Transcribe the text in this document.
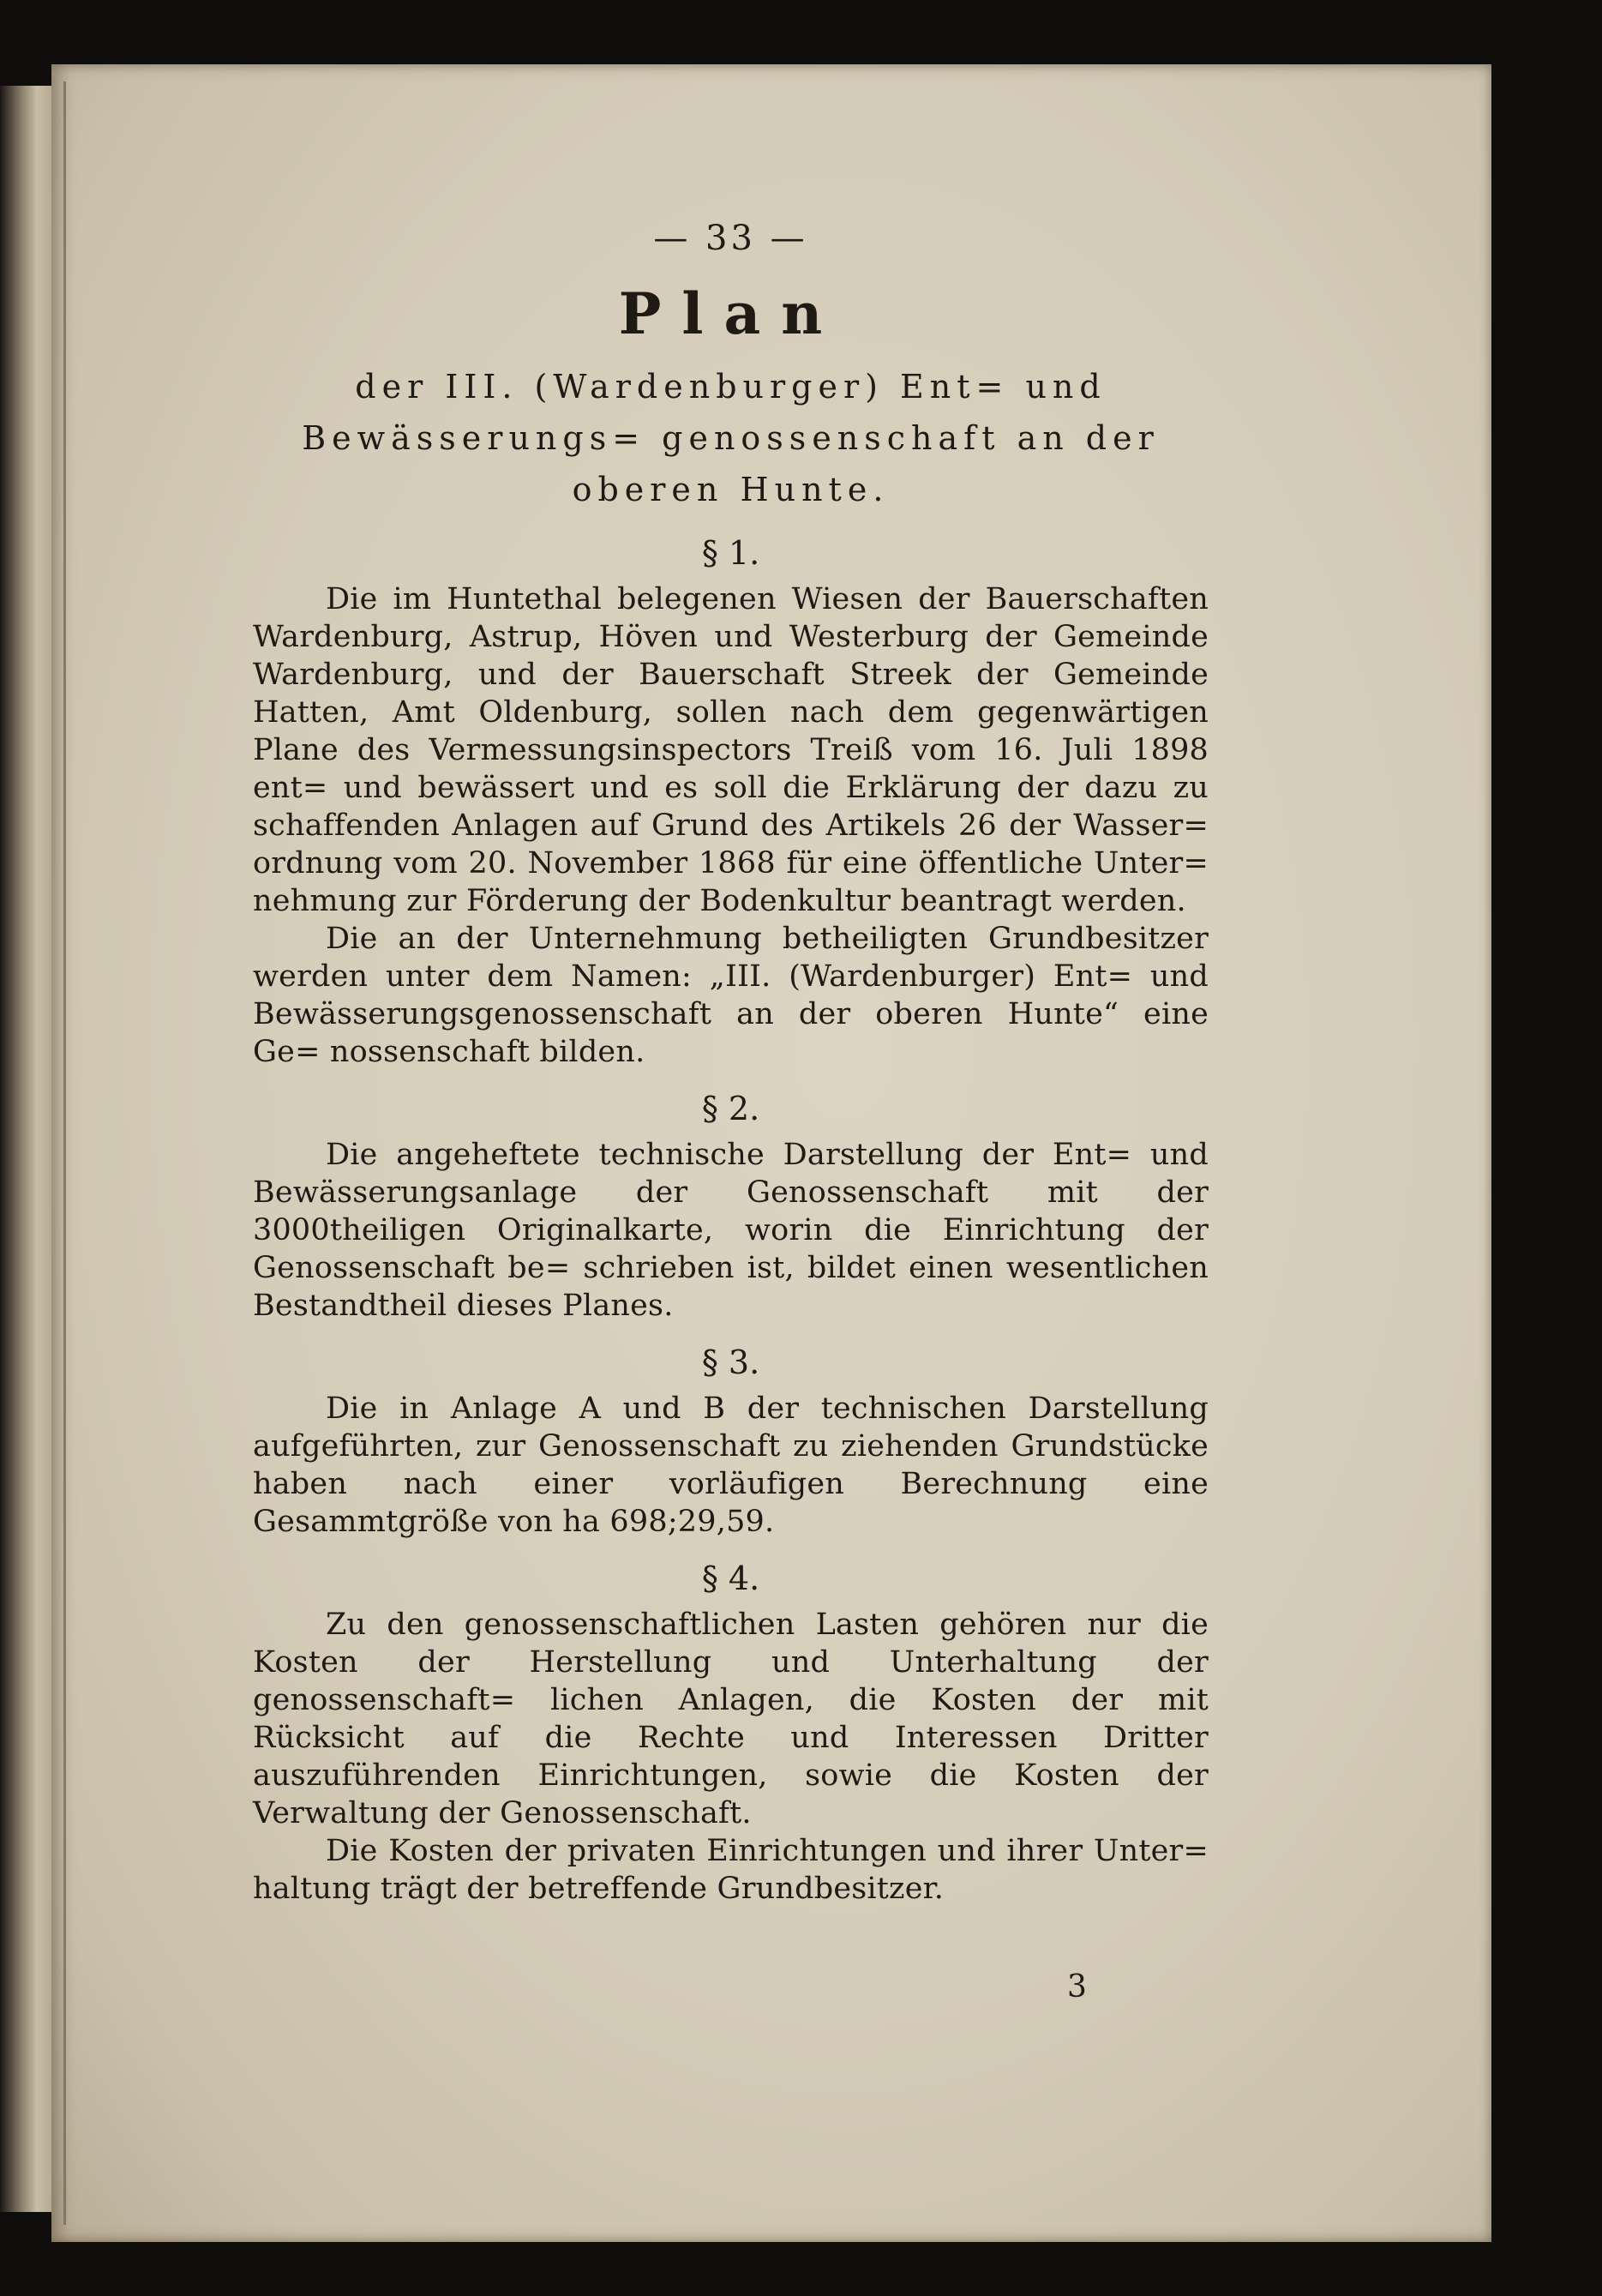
— 33 —
Plan
der III. (Wardenburger) Ent= und Bewässerungs= genossenschaft an der oberen Hunte.
§ 1.

Die im Huntethal belegenen Wiesen der Bauerschaften Wardenburg, Astrup, Höven und Westerburg der Gemeinde Wardenburg, und der Bauerschaft Streek der Gemeinde Hatten, Amt Oldenburg, sollen nach dem gegenwärtigen Plane des Vermessungsinspectors Treiß vom 16. Juli 1898 ent= und bewässert und es soll die Erklärung der dazu zu schaffenden Anlagen auf Grund des Artikels 26 der Wasser= ordnung vom 20. November 1868 für eine öffentliche Unter= nehmung zur Förderung der Bodenkultur beantragt werden.

Die an der Unternehmung betheiligten Grundbesitzer werden unter dem Namen: „III. (Wardenburger) Ent= und Bewässerungsgenossenschaft an der oberen Hunte“ eine Ge= nossenschaft bilden.

§ 2.

Die angeheftete technische Darstellung der Ent= und Bewässerungsanlage der Genossenschaft mit der 3000theiligen Originalkarte, worin die Einrichtung der Genossenschaft be= schrieben ist, bildet einen wesentlichen Bestandtheil dieses Planes.

§ 3.

Die in Anlage A und B der technischen Darstellung aufgeführten, zur Genossenschaft zu ziehenden Grundstücke haben nach einer vorläufigen Berechnung eine Gesammtgröße von ha 698;29,59.

§ 4.

Zu den genossenschaftlichen Lasten gehören nur die Kosten der Herstellung und Unterhaltung der genossenschaft= lichen Anlagen, die Kosten der mit Rücksicht auf die Rechte und Interessen Dritter auszuführenden Einrichtungen, sowie die Kosten der Verwaltung der Genossenschaft.

Die Kosten der privaten Einrichtungen und ihrer Unter= haltung trägt der betreffende Grundbesitzer.

3
